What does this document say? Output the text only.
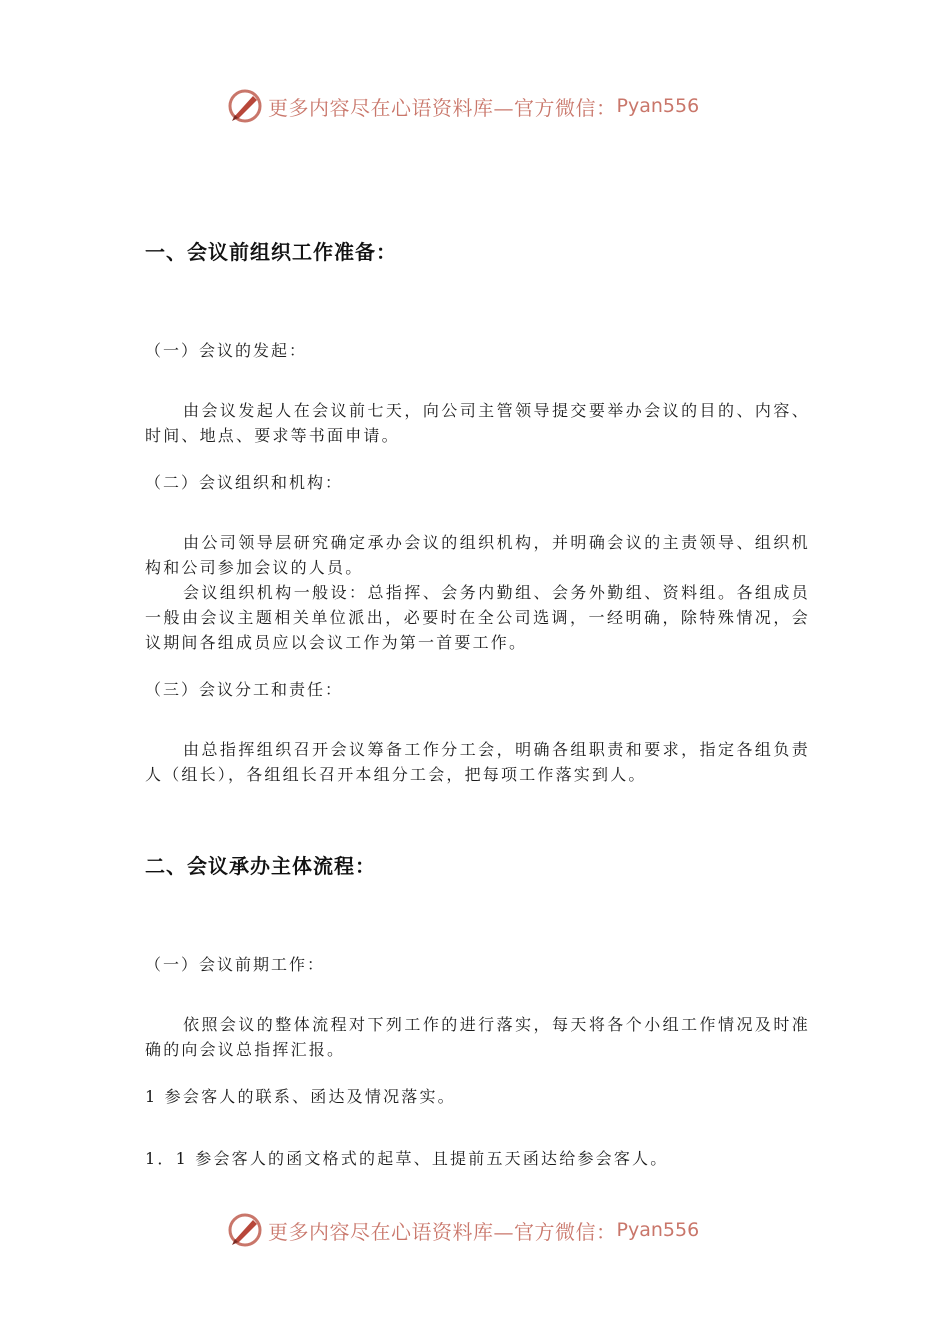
更多内容尽在心语资料库—官方微信： Pyan556
一、会议前组织工作准备：
（一）会议的发起：

由会议发起人在会议前七天，向公司主管领导提交要举办会议的目的、内容、时间、地点、要求等书面申请。

（二）会议组织和机构：

由公司领导层研究确定承办会议的组织机构，并明确会议的主责领导、组织机构和公司参加会议的人员。

会议组织机构一般设：总指挥、会务内勤组、会务外勤组、资料组。各组成员一般由会议主题相关单位派出，必要时在全公司选调，一经明确，除特殊情况，会议期间各组成员应以会议工作为第一首要工作。

（三）会议分工和责任：

由总指挥组织召开会议筹备工作分工会，明确各组职责和要求，指定各组负责人（组长），各组组长召开本组分工会，把每项工作落实到人。

二、会议承办主体流程：
（一）会议前期工作：

依照会议的整体流程对下列工作的进行落实，每天将各个小组工作情况及时准确的向会议总指挥汇报。

1 参会客人的联系、函达及情况落实。
1．1 参会客人的函文格式的起草、且提前五天函达给参会客人。
更多内容尽在心语资料库—官方微信： Pyan556
